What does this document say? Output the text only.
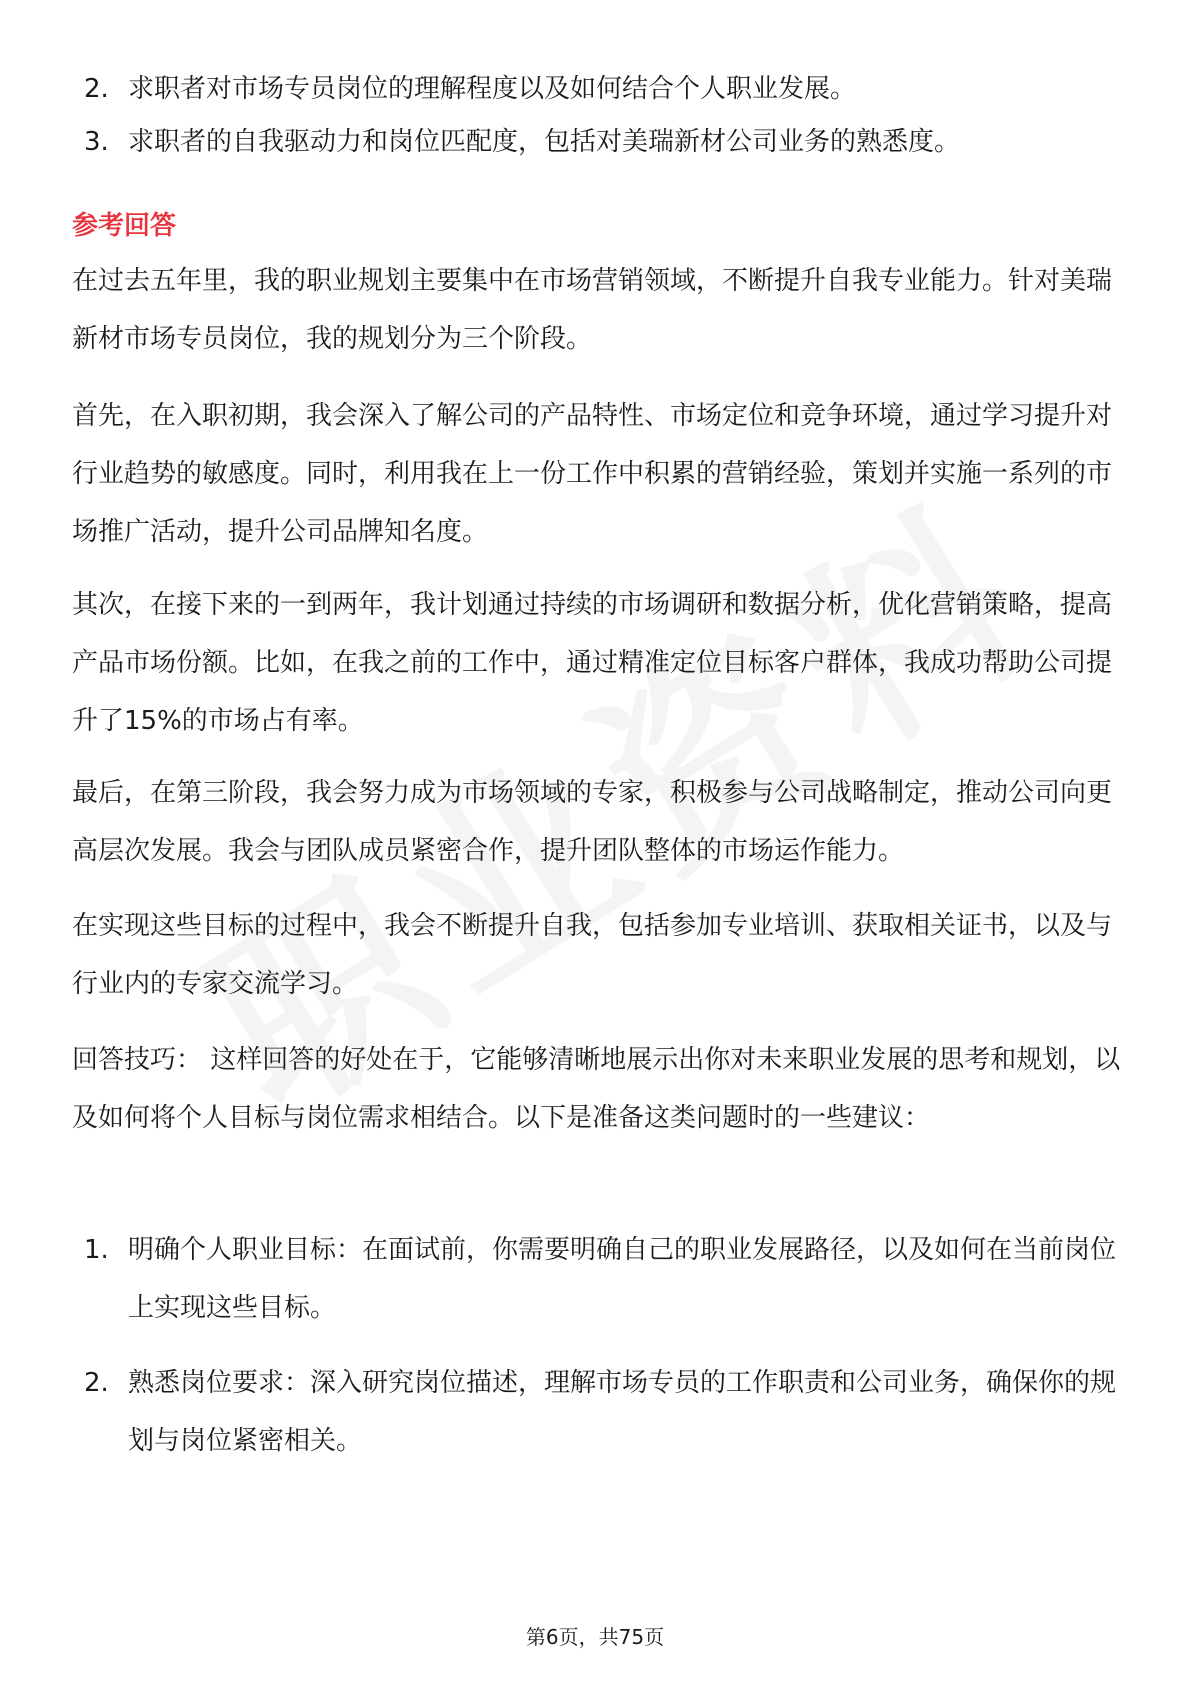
2. 求职者对市场专员岗位的理解程度以及如何结合个人职业发展。
3. 求职者的自我驱动力和岗位匹配度，包括对美瑞新材公司业务的熟悉度。
参考回答

在过去五年里，我的职业规划主要集中在市场营销领域，不断提升自我专业能力。针对美瑞新材市场专员岗位，我的规划分为三个阶段。

首先，在入职初期，我会深入了解公司的产品特性、市场定位和竞争环境，通过学习提升对行业趋势的敏感度。同时，利用我在上一份工作中积累的营销经验，策划并实施一系列的市场推广活动，提升公司品牌知名度。

其次，在接下来的一到两年，我计划通过持续的市场调研和数据分析，优化营销策略，提高产品市场份额。比如，在我之前的工作中，通过精准定位目标客户群体，我成功帮助公司提升了15%的市场占有率。

最后，在第三阶段，我会努力成为市场领域的专家，积极参与公司战略制定，推动公司向更高层次发展。我会与团队成员紧密合作，提升团队整体的市场运作能力。

在实现这些目标的过程中，我会不断提升自我，包括参加专业培训、获取相关证书，以及与行业内的专家交流学习。

回答技巧： 这样回答的好处在于，它能够清晰地展示出你对未来职业发展的思考和规划，以及如何将个人目标与岗位需求相结合。以下是准备这类问题时的一些建议：

1. 明确个人职业目标：在面试前，你需要明确自己的职业发展路径，以及如何在当前岗位上实现这些目标。
2. 熟悉岗位要求：深入研究岗位描述，理解市场专员的工作职责和公司业务，确保你的规划与岗位紧密相关。
第6页，共75页
